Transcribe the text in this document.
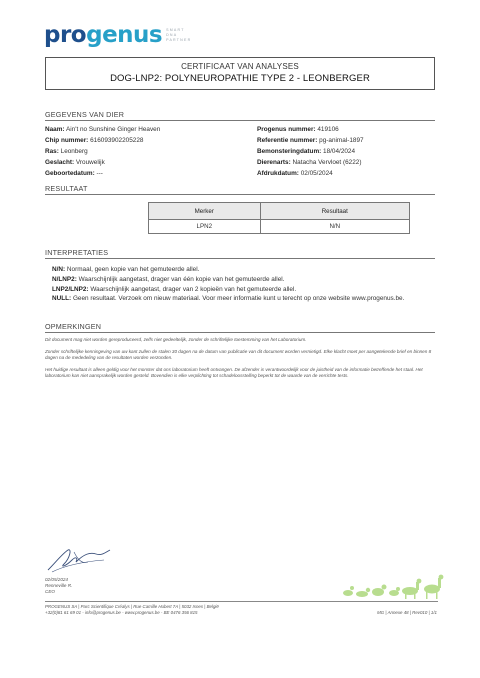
progenus SMART
DNA
PARTNER
CERTIFICAAT VAN ANALYSES
DOG-LNP2: POLYNEUROPATHIE TYPE 2 - LEONBERGER
GEGEVENS VAN DIER
Naam: Ain't no Sunshine Ginger Heaven
Chip nummer: 616093902205228
Ras: Leonberg
Geslacht: Vrouwelijk
Geboortedatum: ---
Progenus nummer: 419106
Referentie nummer: pg-animal-1897
Bemonsteringdatum: 18/04/2024
Dierenarts: Natacha Vervloet (6222)
Afdrukdatum: 02/05/2024
RESULTAAT
Merker	Resultaat
LPN2	N/N
INTERPRETATIES
N/N: Normaal, geen kopie van het gemuteerde allel.
N/LNP2: Waarschijnlijk aangetast, drager van één kopie van het gemuteerde allel.
LNP2/LNP2: Waarschijnlijk aangetast, drager van 2 kopieën van het gemuteerde allel.
NULL: Geen resultaat. Verzoek om nieuw materiaal. Voor meer informatie kunt u terecht op onze website www.progenus.be.
OPMERKINGEN
Dit document mag niet worden gereproduceerd, zelfs niet gedeeltelijk, zonder de schriftelijke toestemming van het Laboratorium.
Zonder schriftelijke kennisgeving van uw kant zullen de stalen 30 dagen na de datum van publicatie van dit document worden vernietigd. Elke klacht moet per aangetekende brief en binnen 8 dagen na de mededeling van de resultaten worden verzonden.
Het huidige resultaat is alleen geldig voor het monster dat ons laboratorium heeft ontvangen. De afzender is verantwoordelijk voor de juistheid van de informatie betreffende het staal. Het laboratorium kan niet aansprakelijk worden gesteld. Bovendien is elke verplichting tot schadeloosstelling beperkt tot de waarde van de verrichte tests.
02/05/2024
Renneville R.
CEO
PROGENUS SA | Parc Scientifique Créalys | Rue Camille Hubert 7A | 5032 Isnes | België
+32(0)81 61 69 01 - info@progenus.be - www.progenus.be - BE 0476 356 815	MG | Annexe 48 | Rev010 | 1/1
